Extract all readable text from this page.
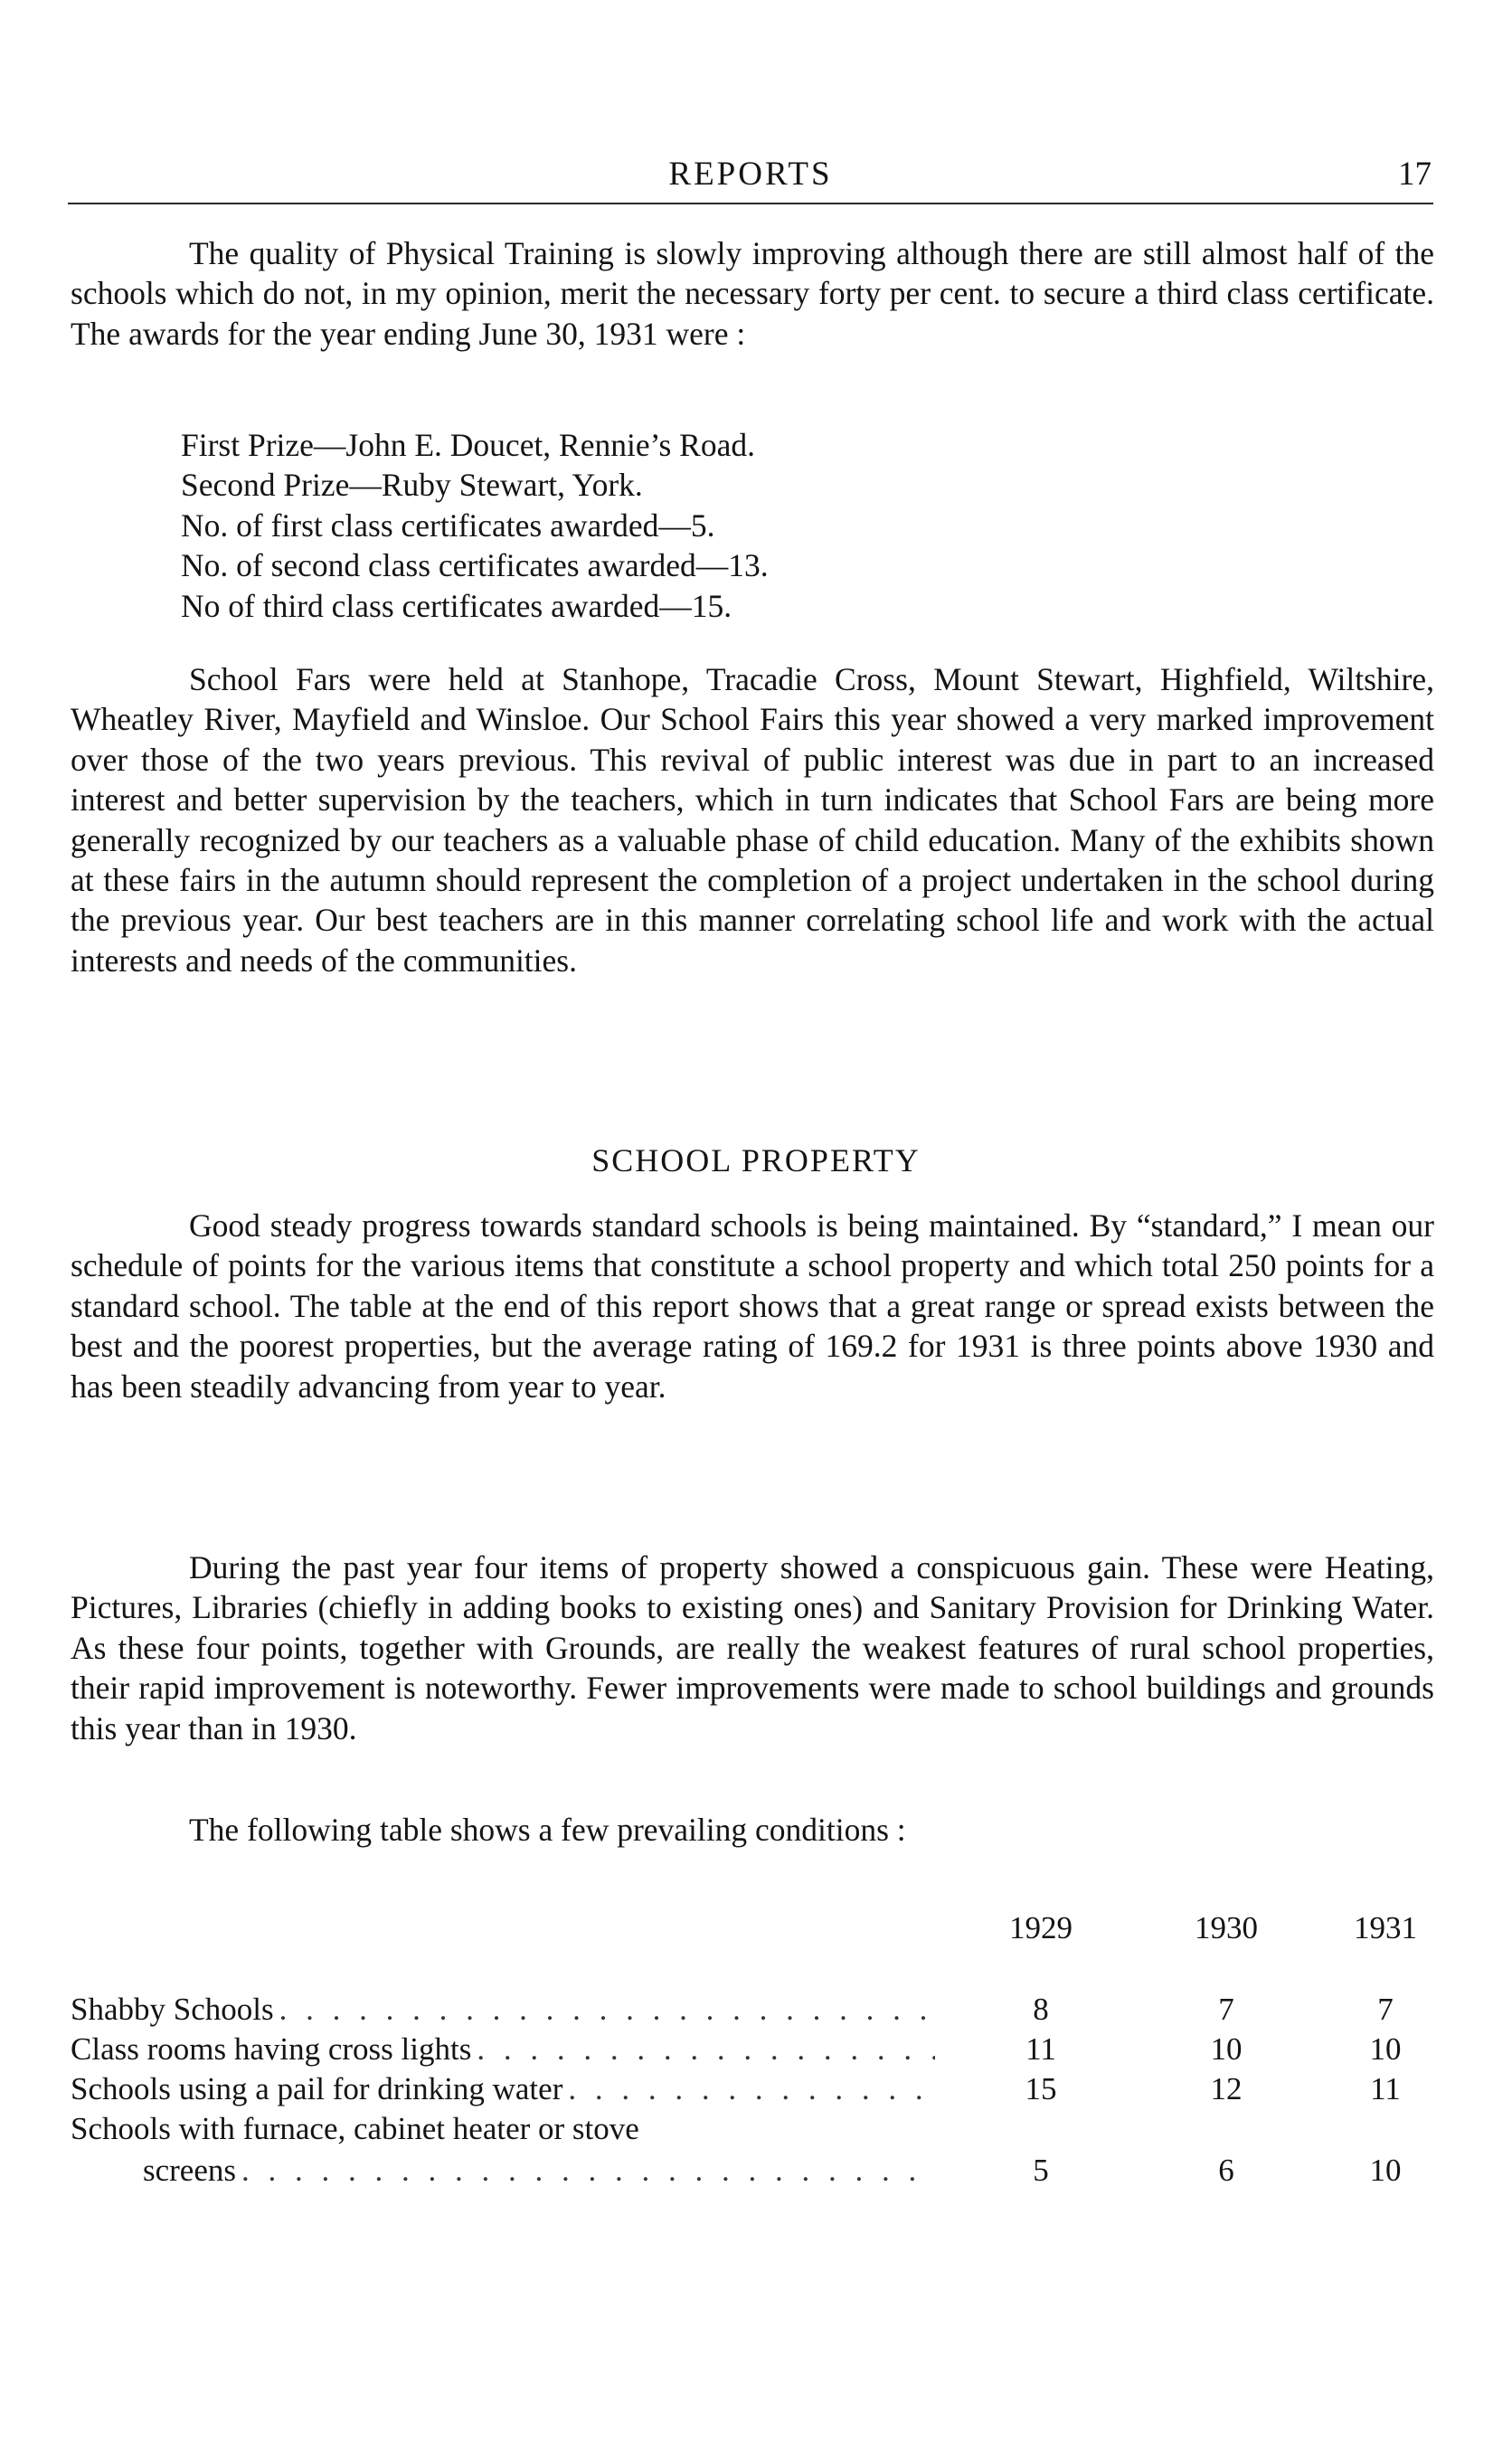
REPORTS	17

The quality of Physical Training is slowly improving although there are still almost half of the schools which do not, in my opinion, merit the necessary forty per cent. to secure a third class certificate. The awards for the year ending June 30, 1931 were :

First Prize—John E. Doucet, Rennie’s Road.
Second Prize—Ruby Stewart, York.
No. of first class certificates awarded—5.
No. of second class certificates awarded—13.
No of third class certificates awarded—15.

School Fars were held at Stanhope, Tracadie Cross, Mount Stewart, Highfield, Wiltshire, Wheatley River, Mayfield and Winsloe. Our School Fairs this year showed a very marked improvement over those of the two years previous. This revival of public interest was due in part to an increased interest and better supervision by the teachers, which in turn indicates that School Fars are being more generally recognized by our teachers as a valuable phase of child education. Many of the exhibits shown at these fairs in the autumn should represent the completion of a project undertaken in the school during the previous year. Our best teachers are in this manner correlating school life and work with the actual interests and needs of the communities.

SCHOOL PROPERTY

Good steady progress towards standard schools is being maintained. By “standard,” I mean our schedule of points for the various items that constitute a school property and which total 250 points for a standard school. The table at the end of this report shows that a great range or spread exists between the best and the poorest properties, but the average rating of 169.2 for 1931 is three points above 1930 and has been steadily advancing from year to year.

During the past year four items of property showed a conspicuous gain. These were Heating, Pictures, Libraries (chiefly in adding books to existing ones) and Sanitary Provision for Drinking Water. As these four points, together with Grounds, are really the weakest features of rural school properties, their rapid improvement is noteworthy. Fewer improvements were made to school buildings and grounds this year than in 1930.

The following table shows a few prevailing conditions :
1929	1930	1931
Shabby Schools . . .	8	7	7
Class rooms having cross lights . . .	11	10	10
Schools using a pail for drinking water . . .	15	12	11
Schools with furnace, cabinet heater or stove
screens . . .	5	6	10
